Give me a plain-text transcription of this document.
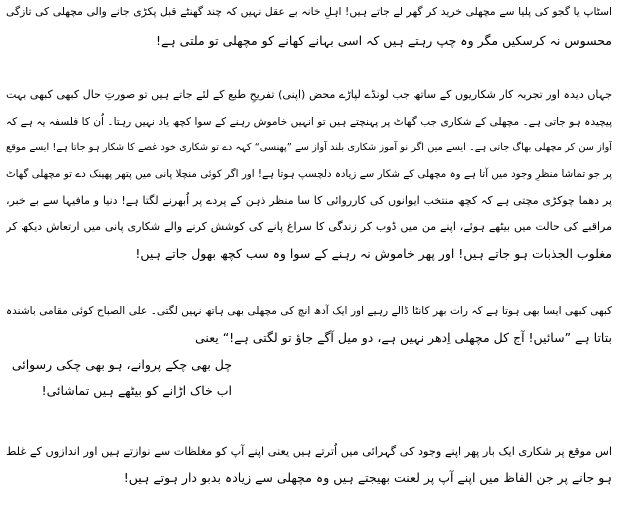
اسٹاپ یا گجو کی پلیا سے مچھلی خرید کر گھر لے جاتے ہیں! اہلِ خانہ بے عقل نہیں کہ چند گھنٹے قبل پکڑی جانے والی مچھلی کی تازگی
محسوس نہ کرسکیں مگر وہ چپ رہتے ہیں کہ اسی بہانے کھانے کو مچھلی تو ملتی ہے!
جہاں دیدہ اور تجربہ کار شکاریوں کے ساتھ جب لونڈے لپاڑے محض (اپنی) تفریحِ طبع کے لئے جاتے ہیں تو صورتِ حال کبھی کبھی بہت
پیچیدہ ہو جاتی ہے۔ مچھلی کے شکاری جب گھاٹ پر پہنچتے ہیں تو انہیں خاموش رہنے کے سوا کچھ یاد نہیں رہتا۔ اُن کا فلسفہ یہ ہے کہ
آواز سن کر مچھلی بھاگ جاتی ہے۔ ایسے میں اگر نو آموز شکاری بلند آواز سے ”پھنسی“ کہہ دے تو شکاری خود غصے کا شکار ہو جاتا ہے! ایسے موقع
پر جو تماشا منظرِ وجود میں آتا ہے وہ مچھلی کے شکار سے زیادہ دلچسپ ہوتا ہے! اور اگر کوئی منچلا پانی میں پتھر پھینک دے تو مچھلی گھاٹ
پر دھما چوکڑی مچتی ہے کہ کچھ منتخب ایوانوں کی کارروائی کا سا منظر ذہن کے پردے پر اُبھرنے لگتا ہے! دنیا و مافیہا سے بے خبر،
مراقبے کی حالت میں بیٹھے ہوئے، اپنے من میں ڈوب کر زندگی کا سراغ پانے کی کوشش کرنے والے شکاری پانی میں ارتعاش دیکھ کر
مغلوب الجذبات ہو جاتے ہیں! اور پھر خاموش نہ رہنے کے سوا وہ سب کچھ بھول جاتے ہیں!
کبھی کبھی ایسا بھی ہوتا ہے کہ رات بھر کانٹا ڈالے رہیے اور ایک آدھ انچ کی مچھلی بھی ہاتھ نہیں لگتی۔ علی الصباح کوئی مقامی باشندہ
بتاتا ہے ”سائیں! آج کل مچھلی اِدھر نہیں ہے، دو میل آگے جاؤ تو لگتی ہے!“ یعنی
چل بھی چکے پروانے، ہو بھی چکی رسوائی
اب خاک اڑانے کو بیٹھے ہیں تماشائی!
اس موقع پر شکاری ایک بار پھر اپنے وجود کی گہرائی میں اُترتے ہیں یعنی اپنے آپ کو مغلظات سے نوازتے ہیں اور اندازوں کے غلط
ہو جانے پر جن الفاظ میں اپنے آپ پر لعنت بھیجتے ہیں وہ مچھلی سے زیادہ بدبو دار ہوتے ہیں!
